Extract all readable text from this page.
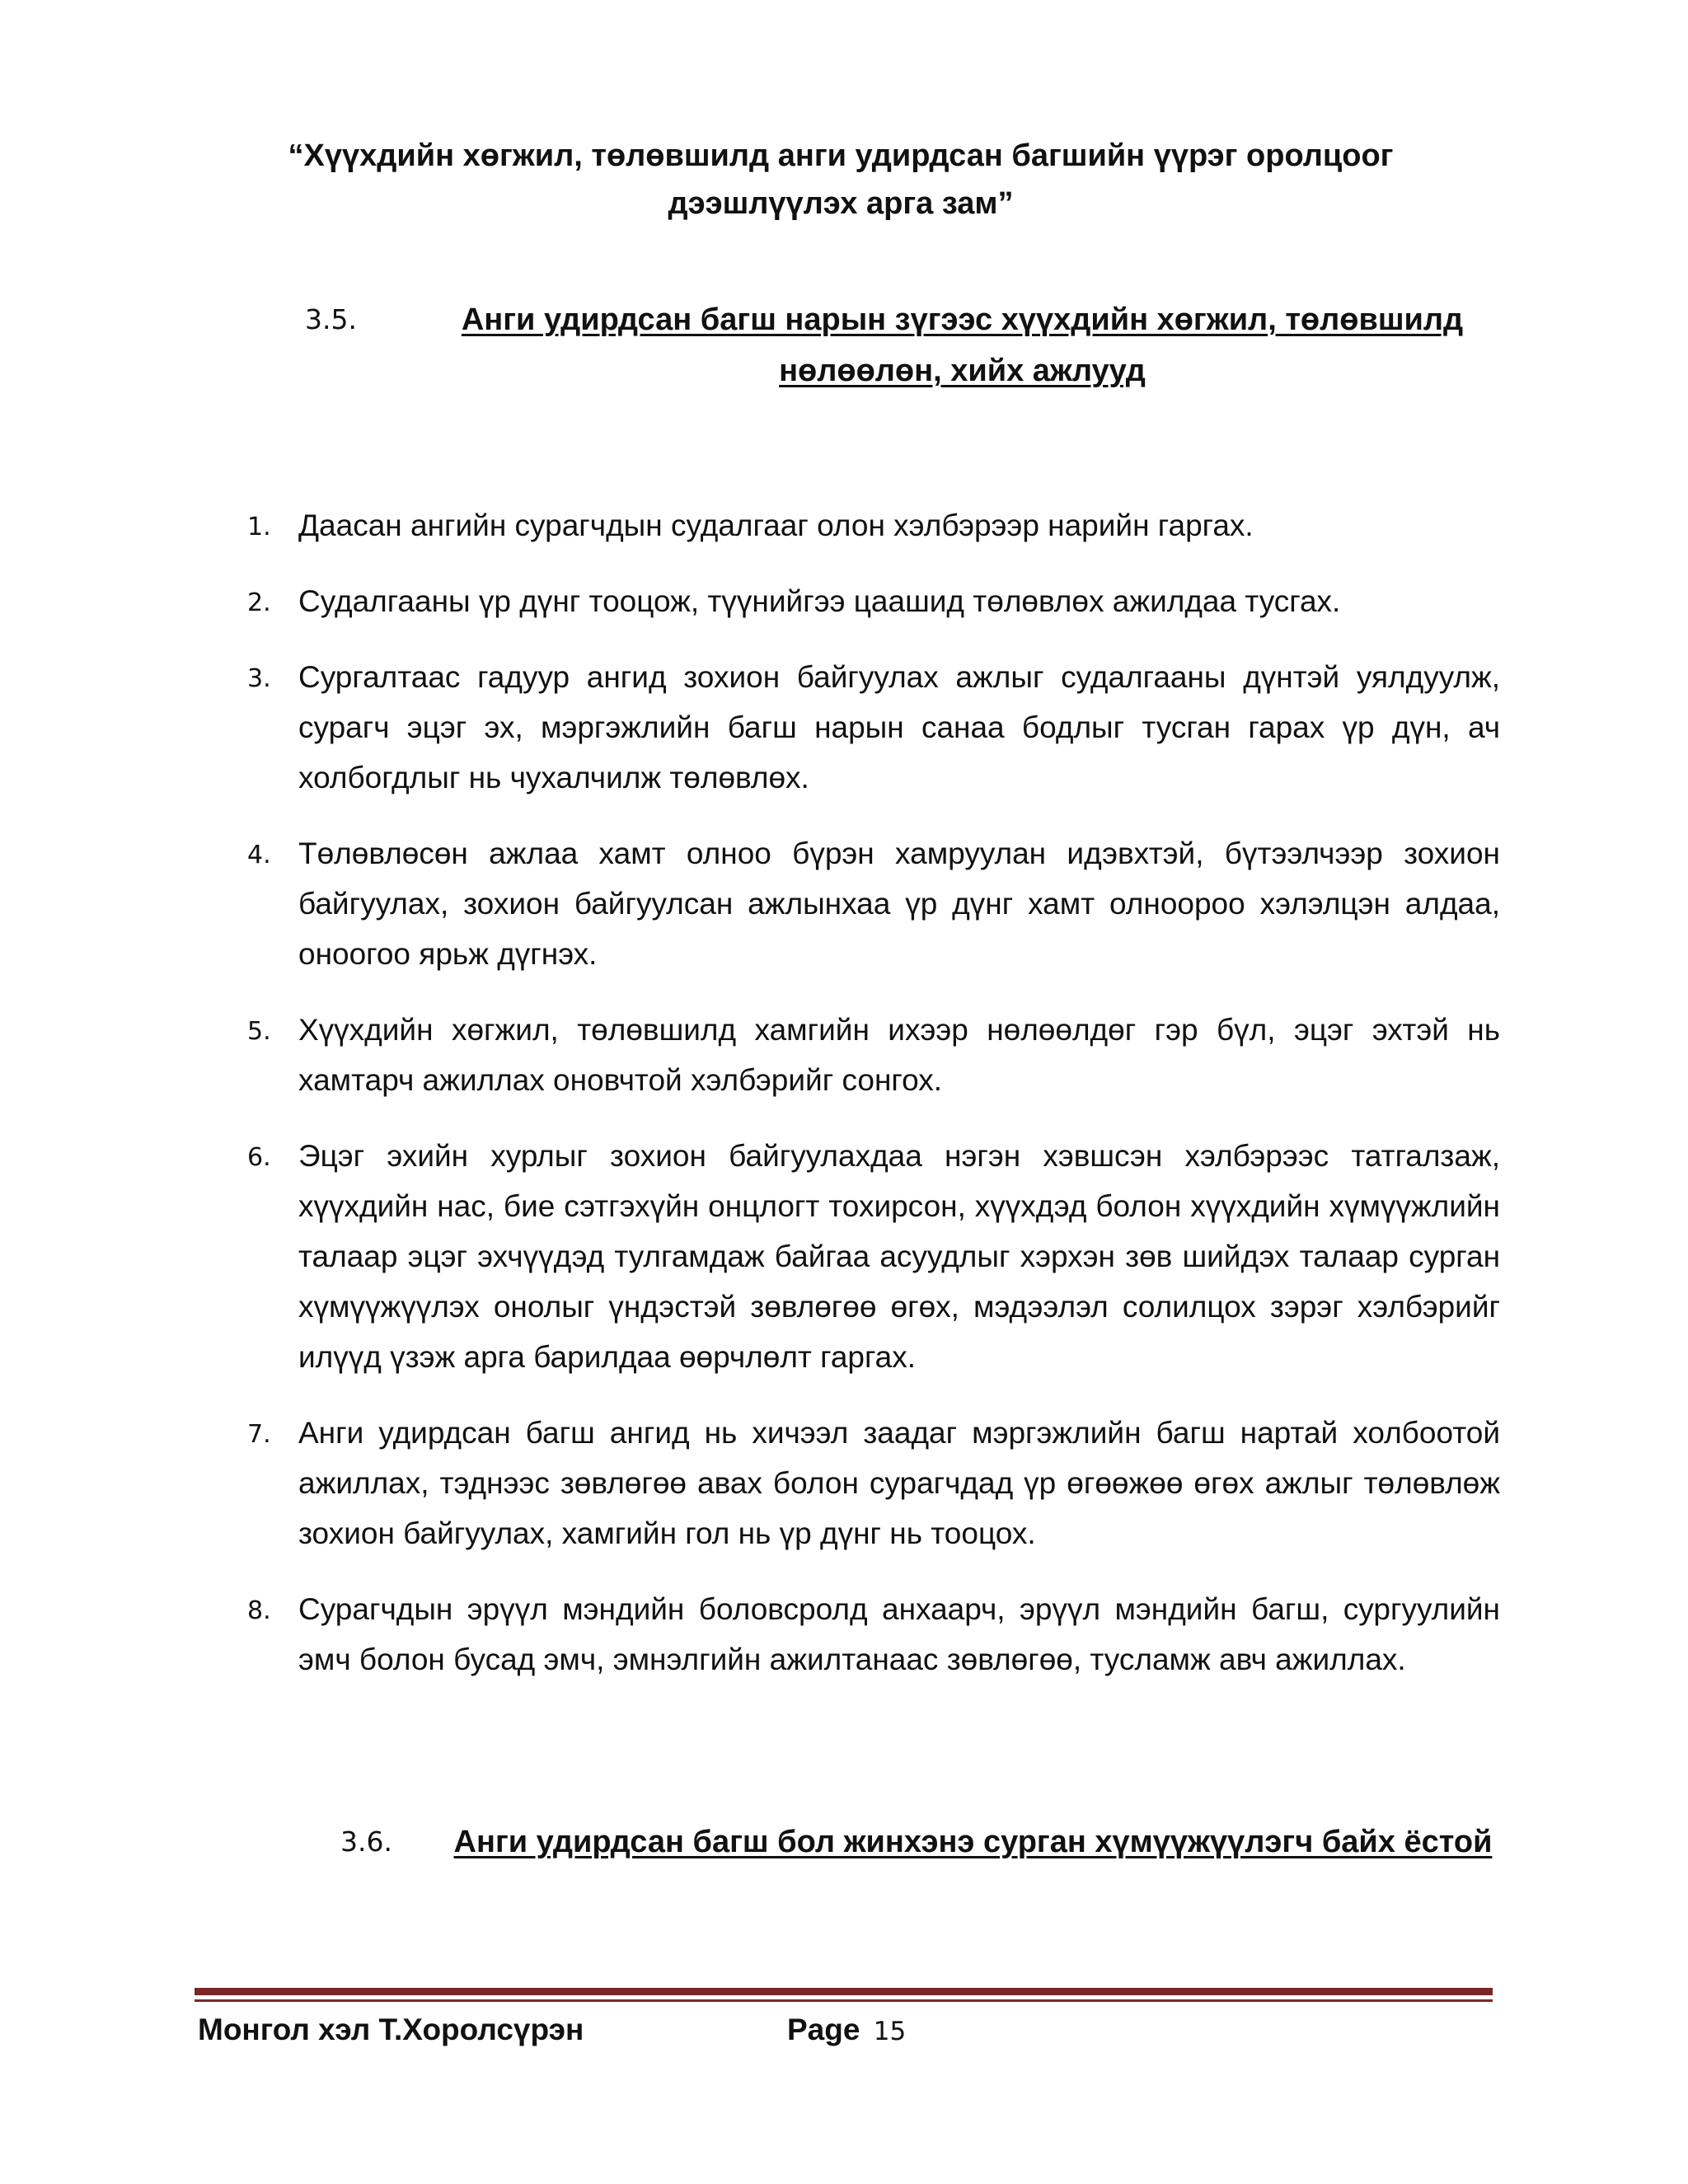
“Хүүхдийн хөгжил, төлөвшилд анги удирдсан багшийн үүрэг оролцоог
дээшлүүлэх арга зам”
3.5.	Анги удирдсан багш нарын зүгээс хүүхдийн хөгжил, төлөвшилд нөлөөлөн, хийх ажлууд
1. Даасан ангийн сурагчдын судалгааг олон хэлбэрээр нарийн гаргах.
2. Судалгааны үр дүнг тооцож, түүнийгээ цаашид төлөвлөх ажилдаа тусгах.
3. Сургалтаас гадуур ангид зохион байгуулах ажлыг судалгааны дүнтэй уялдуулж, сурагч эцэг эх, мэргэжлийн багш нарын санаа бодлыг тусган гарах үр дүн, ач холбогдлыг нь чухалчилж төлөвлөх.
4. Төлөвлөсөн ажлаа хамт олноо бүрэн хамруулан идэвхтэй, бүтээлчээр зохион байгуулах, зохион байгуулсан ажлынхаа үр дүнг хамт олноороо хэлэлцэн алдаа, оноогоо ярьж дүгнэх.
5. Хүүхдийн хөгжил, төлөвшилд хамгийн ихээр нөлөөлдөг гэр бүл, эцэг эхтэй нь хамтарч ажиллах оновчтой хэлбэрийг сонгох.
6. Эцэг эхийн хурлыг зохион байгуулахдаа нэгэн хэвшсэн хэлбэрээс татгалзаж, хүүхдийн нас, бие сэтгэхүйн онцлогт тохирсон, хүүхдэд болон хүүхдийн хүмүүжлийн талаар эцэг эхчүүдэд тулгамдаж байгаа асуудлыг хэрхэн зөв шийдэх талаар сурган хүмүүжүүлэх онолыг үндэстэй зөвлөгөө өгөх, мэдээлэл солилцох зэрэг хэлбэрийг илүүд үзэж арга барилдаа өөрчлөлт гаргах.
7. Анги удирдсан багш ангид нь хичээл заадаг мэргэжлийн багш нартай холбоотой ажиллах, тэднээс зөвлөгөө авах болон сурагчдад үр өгөөжөө өгөх ажлыг төлөвлөж зохион байгуулах, хамгийн гол нь үр дүнг нь тооцох.
8. Сурагчдын эрүүл мэндийн боловсролд анхаарч, эрүүл мэндийн багш, сургуулийн эмч болон бусад эмч, эмнэлгийн ажилтанаас зөвлөгөө, тусламж авч ажиллах.
3.6.	Анги удирдсан багш бол жинхэнэ сурган хүмүүжүүлэгч байх ёстой
Монгол хэл Т.Хоролсүрэн	Page 15
